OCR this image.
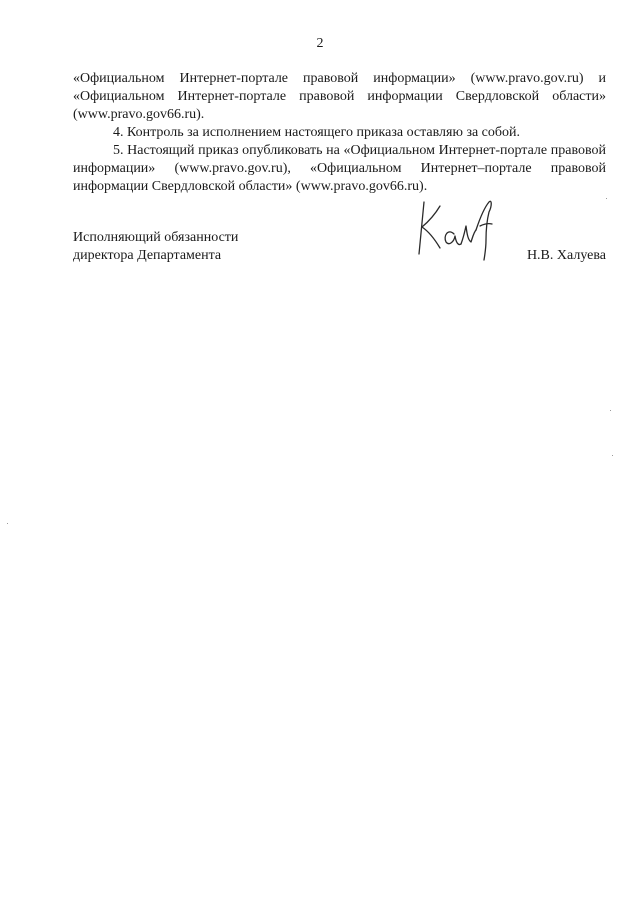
2

«Официальном Интернет-портале правовой информации» (www.pravo.gov.ru) и «Официальном Интернет-портале правовой информации Свердловской области» (www.pravo.gov66.ru).

4. Контроль за исполнением настоящего приказа оставляю за собой.

5. Настоящий приказ опубликовать на «Официальном Интернет-портале правовой информации» (www.pravo.gov.ru), «Официальном Интернет–портале правовой информации Свердловской области» (www.pravo.gov66.ru).

Исполняющий обязанности
директора Департамента	Н.В. Халуева
